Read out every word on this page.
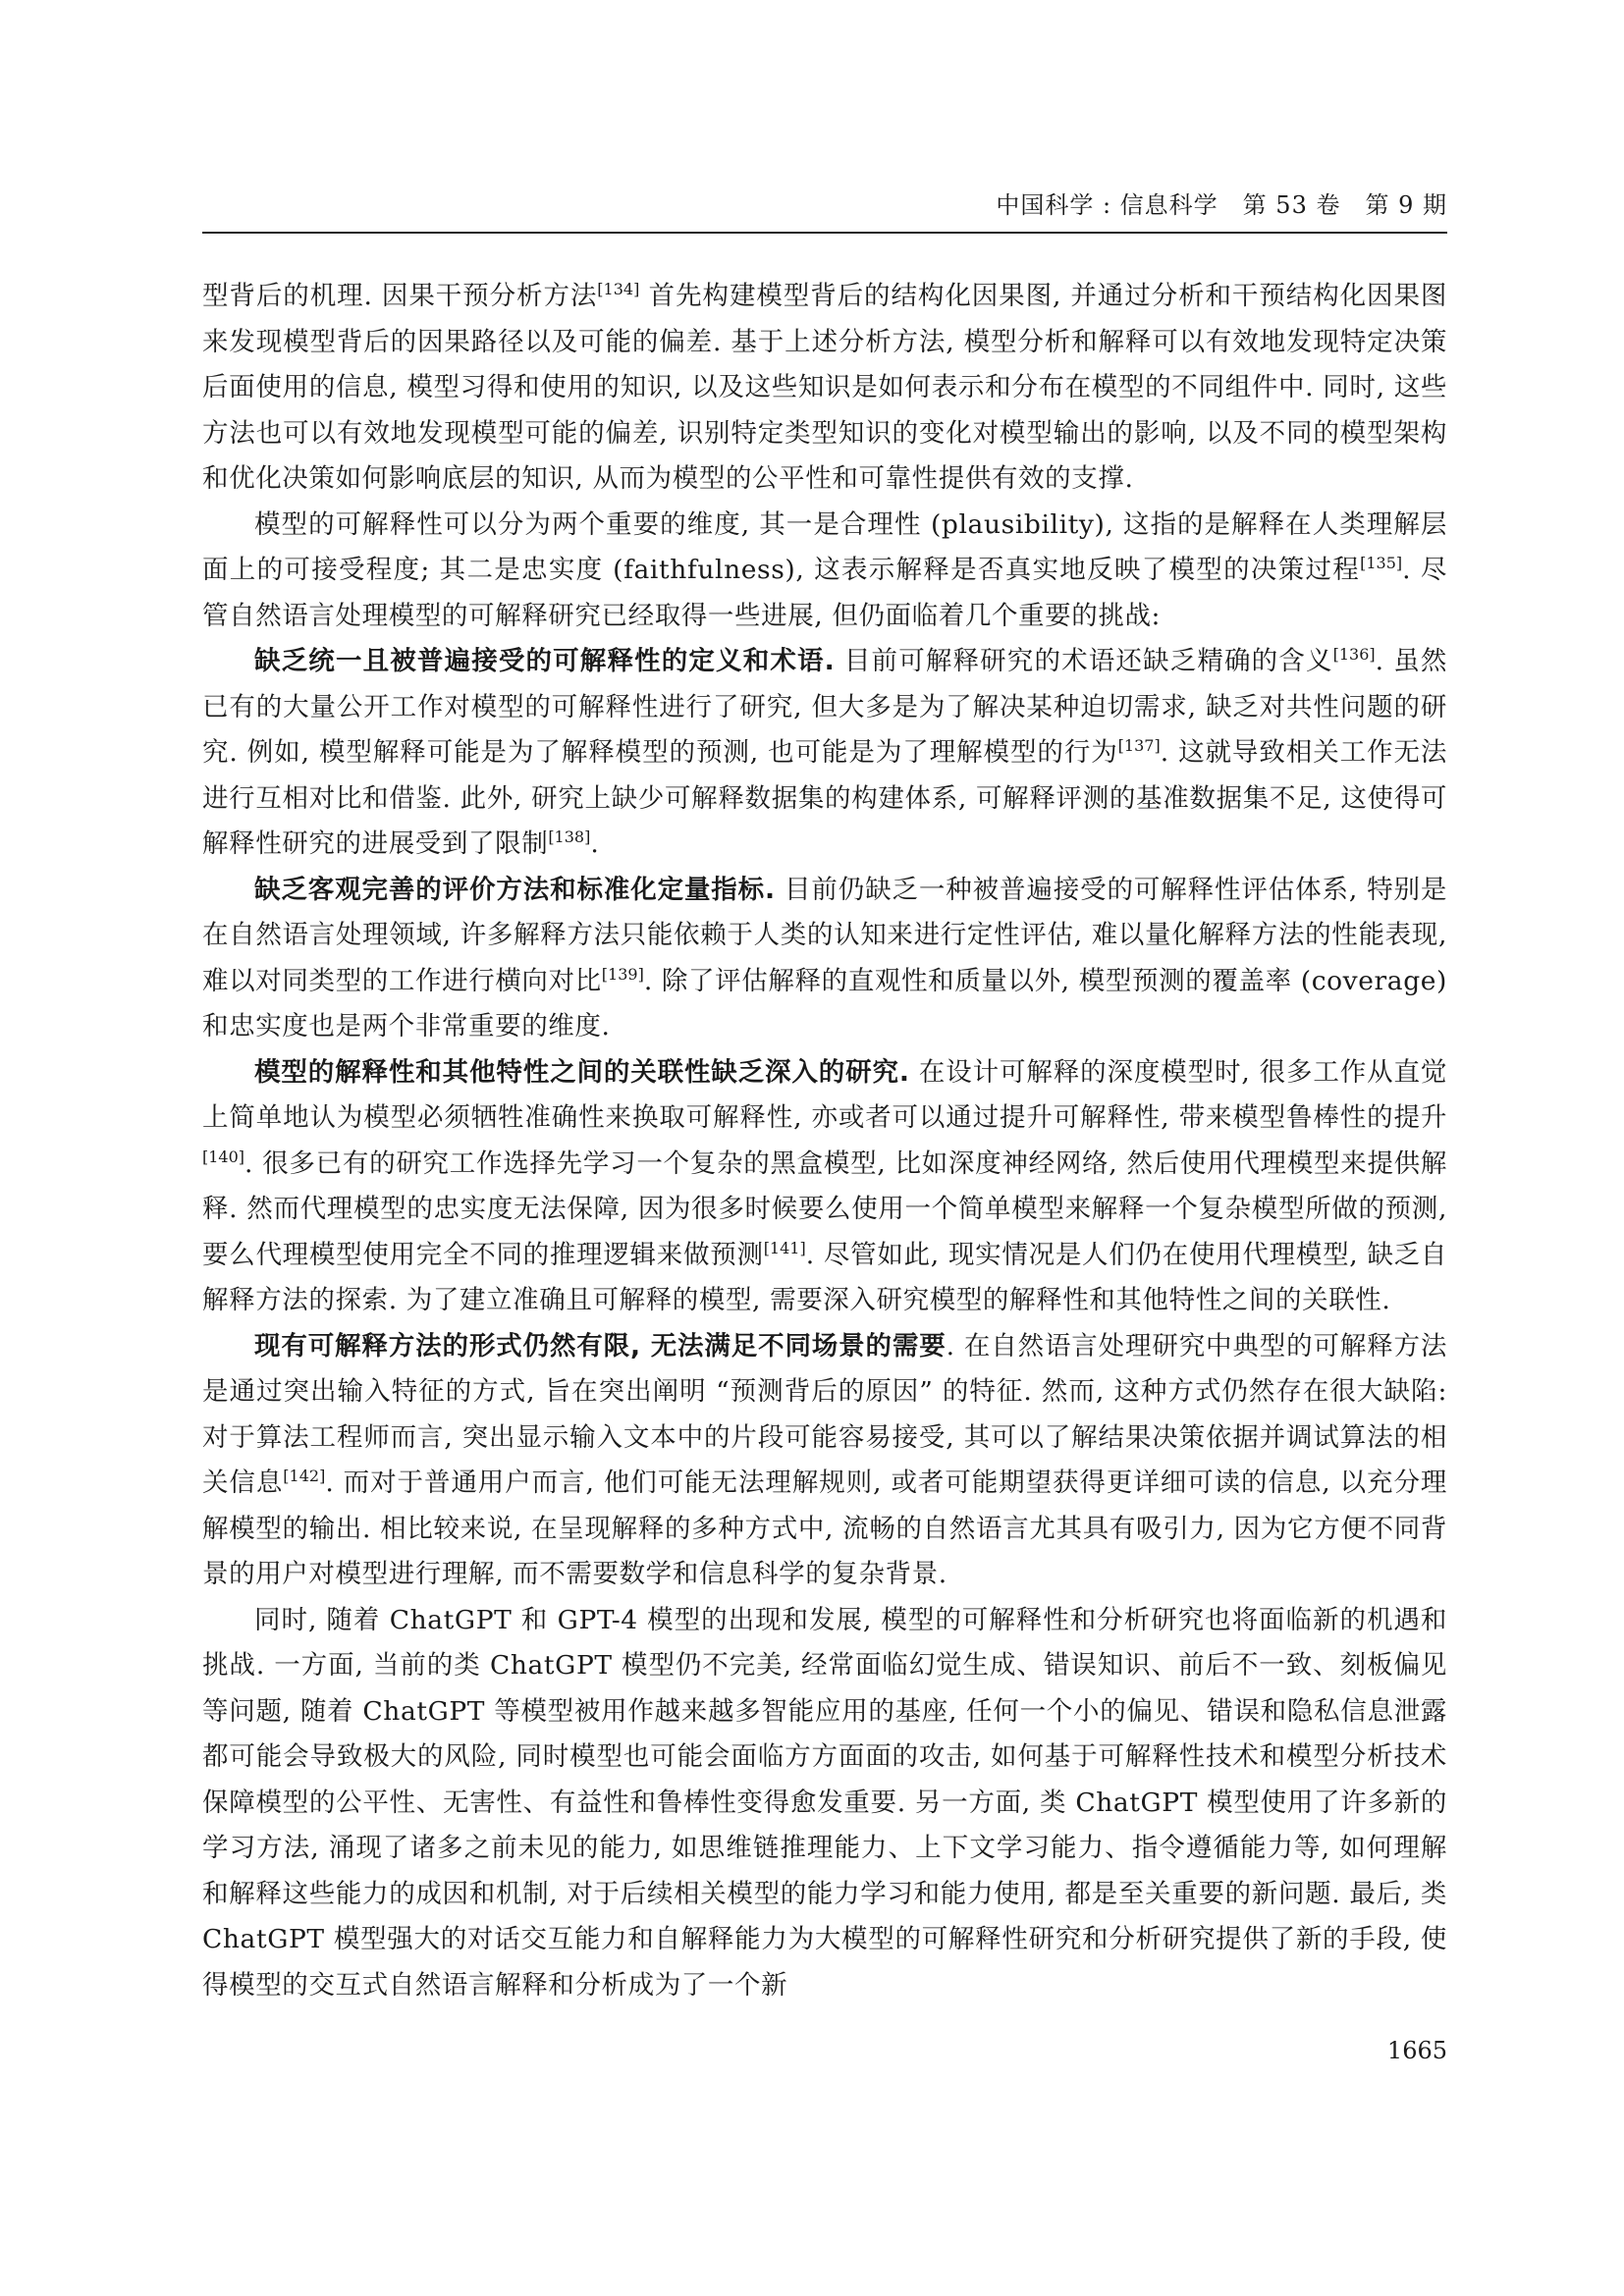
中国科学 : 信息科学　第 53 卷　第 9 期

型背后的机理. 因果干预分析方法[134] 首先构建模型背后的结构化因果图, 并通过分析和干预结构化因果图来发现模型背后的因果路径以及可能的偏差. 基于上述分析方法, 模型分析和解释可以有效地发现特定决策后面使用的信息, 模型习得和使用的知识, 以及这些知识是如何表示和分布在模型的不同组件中. 同时, 这些方法也可以有效地发现模型可能的偏差, 识别特定类型知识的变化对模型输出的影响, 以及不同的模型架构和优化决策如何影响底层的知识, 从而为模型的公平性和可靠性提供有效的支撑.

模型的可解释性可以分为两个重要的维度, 其一是合理性 (plausibility), 这指的是解释在人类理解层面上的可接受程度; 其二是忠实度 (faithfulness), 这表示解释是否真实地反映了模型的决策过程[135]. 尽管自然语言处理模型的可解释研究已经取得一些进展, 但仍面临着几个重要的挑战:

缺乏统一且被普遍接受的可解释性的定义和术语. 目前可解释研究的术语还缺乏精确的含义[136]. 虽然已有的大量公开工作对模型的可解释性进行了研究, 但大多是为了解决某种迫切需求, 缺乏对共性问题的研究. 例如, 模型解释可能是为了解释模型的预测, 也可能是为了理解模型的行为[137]. 这就导致相关工作无法进行互相对比和借鉴. 此外, 研究上缺少可解释数据集的构建体系, 可解释评测的基准数据集不足, 这使得可解释性研究的进展受到了限制[138].

缺乏客观完善的评价方法和标准化定量指标. 目前仍缺乏一种被普遍接受的可解释性评估体系, 特别是在自然语言处理领域, 许多解释方法只能依赖于人类的认知来进行定性评估, 难以量化解释方法的性能表现, 难以对同类型的工作进行横向对比[139]. 除了评估解释的直观性和质量以外, 模型预测的覆盖率 (coverage) 和忠实度也是两个非常重要的维度.

模型的解释性和其他特性之间的关联性缺乏深入的研究. 在设计可解释的深度模型时, 很多工作从直觉上简单地认为模型必须牺牲准确性来换取可解释性, 亦或者可以通过提升可解释性, 带来模型鲁棒性的提升[140]. 很多已有的研究工作选择先学习一个复杂的黑盒模型, 比如深度神经网络, 然后使用代理模型来提供解释. 然而代理模型的忠实度无法保障, 因为很多时候要么使用一个简单模型来解释一个复杂模型所做的预测, 要么代理模型使用完全不同的推理逻辑来做预测[141]. 尽管如此, 现实情况是人们仍在使用代理模型, 缺乏自解释方法的探索. 为了建立准确且可解释的模型, 需要深入研究模型的解释性和其他特性之间的关联性.

现有可解释方法的形式仍然有限, 无法满足不同场景的需要. 在自然语言处理研究中典型的可解释方法是通过突出输入特征的方式, 旨在突出阐明 “预测背后的原因” 的特征. 然而, 这种方式仍然存在很大缺陷: 对于算法工程师而言, 突出显示输入文本中的片段可能容易接受, 其可以了解结果决策依据并调试算法的相关信息[142]. 而对于普通用户而言, 他们可能无法理解规则, 或者可能期望获得更详细可读的信息, 以充分理解模型的输出. 相比较来说, 在呈现解释的多种方式中, 流畅的自然语言尤其具有吸引力, 因为它方便不同背景的用户对模型进行理解, 而不需要数学和信息科学的复杂背景.

同时, 随着 ChatGPT 和 GPT-4 模型的出现和发展, 模型的可解释性和分析研究也将面临新的机遇和挑战. 一方面, 当前的类 ChatGPT 模型仍不完美, 经常面临幻觉生成、错误知识、前后不一致、刻板偏见等问题, 随着 ChatGPT 等模型被用作越来越多智能应用的基座, 任何一个小的偏见、错误和隐私信息泄露都可能会导致极大的风险, 同时模型也可能会面临方方面面的攻击, 如何基于可解释性技术和模型分析技术保障模型的公平性、无害性、有益性和鲁棒性变得愈发重要. 另一方面, 类 ChatGPT 模型使用了许多新的学习方法, 涌现了诸多之前未见的能力, 如思维链推理能力、上下文学习能力、指令遵循能力等, 如何理解和解释这些能力的成因和机制, 对于后续相关模型的能力学习和能力使用, 都是至关重要的新问题. 最后, 类 ChatGPT 模型强大的对话交互能力和自解释能力为大模型的可解释性研究和分析研究提供了新的手段, 使得模型的交互式自然语言解释和分析成为了一个新

1665
